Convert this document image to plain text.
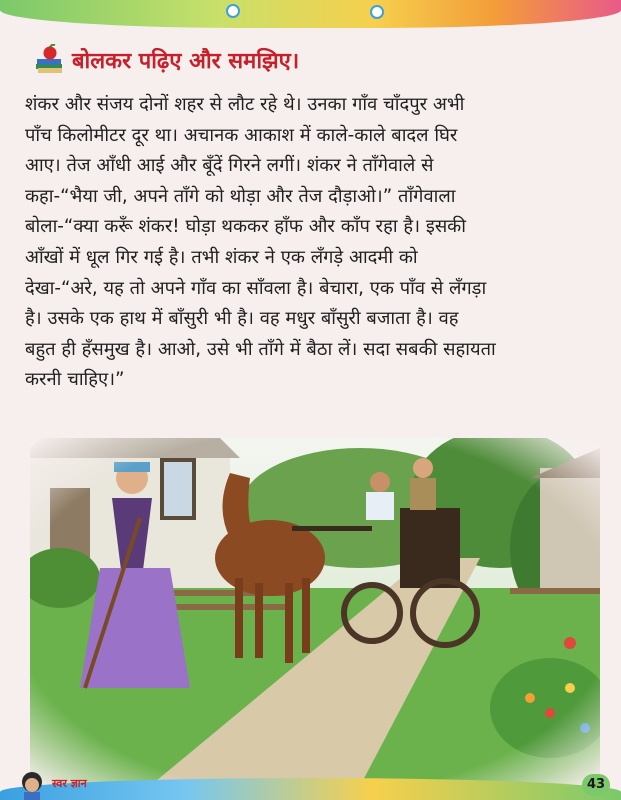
बोलकर पढ़िए और समझिए।
शंकर और संजय दोनों शहर से लौट रहे थे। उनका गाँव चाँदपुर अभी
पाँच किलोमीटर दूर था। अचानक आकाश में काले-काले बादल घिर
आए। तेज आँधी आई और बूँदें गिरने लगीं। शंकर ने ताँगेवाले से
कहा-“भैया जी, अपने ताँगे को थोड़ा और तेज दौड़ाओ।” ताँगेवाला
बोला-“क्या करूँ शंकर! घोड़ा थककर हाँफ और काँप रहा है। इसकी
आँखों में धूल गिर गई है। तभी शंकर ने एक लँगड़े आदमी को
देखा-“अरे, यह तो अपने गाँव का साँवला है। बेचारा, एक पाँव से लँगड़ा
है। उसके एक हाथ में बाँसुरी भी है। वह मधुर बाँसुरी बजाता है। वह
बहुत ही हँसमुख है। आओ, उसे भी ताँगे में बैठा लें। सदा सबकी सहायता
करनी चाहिए।”
स्वर ज्ञान	43
